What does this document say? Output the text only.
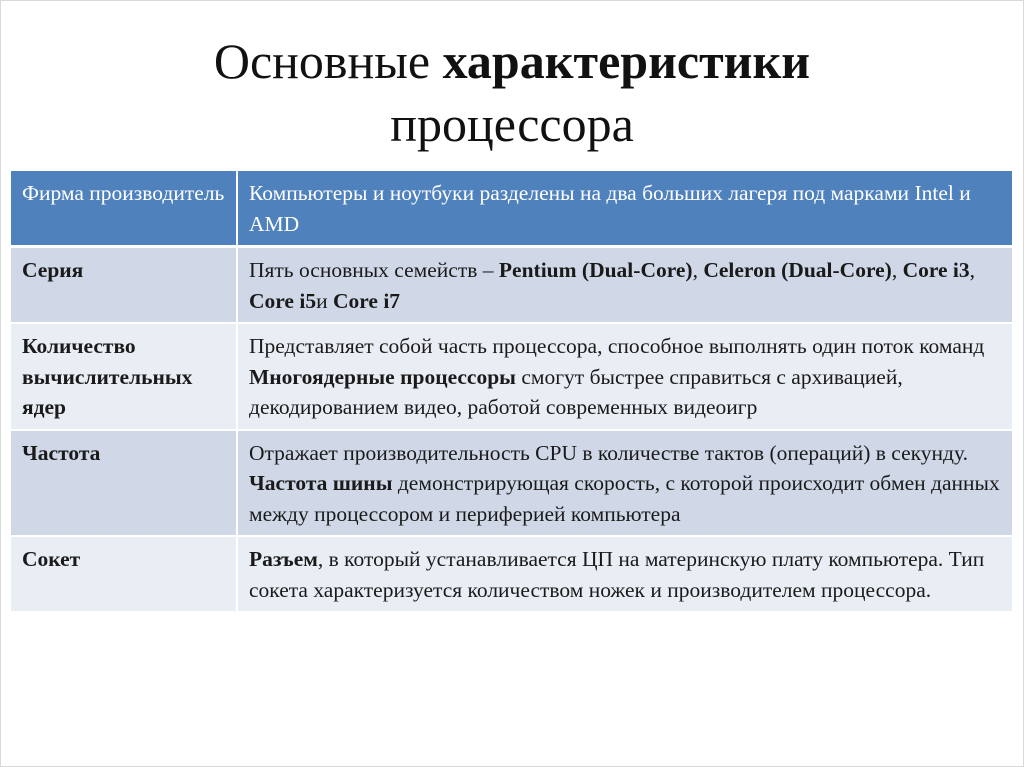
Основные характеристики
процессора
Фирма производитель	Компьютеры и ноутбуки разделены на два больших лагеря под марками Intel и AMD
Серия	Пять основных семейств – Pentium (Dual-Core), Celeron (Dual-Core), Core i3, Core i5и Core i7
Количество вычислительных ядер	Представляет собой часть процессора, способное выполнять один поток команд
Многоядерные процессоры смогут быстрее справиться с архивацией, декодированием видео, работой современных видеоигр
Частота	Отражает производительность CPU в количестве тактов (операций) в секунду. Частота шины демонстрирующая скорость, с которой происходит обмен данных между процессором и периферией компьютера
Сокет	Разъем, в который устанавливается ЦП на материнскую плату компьютера. Тип сокета характеризуется количеством ножек и производителем процессора.
